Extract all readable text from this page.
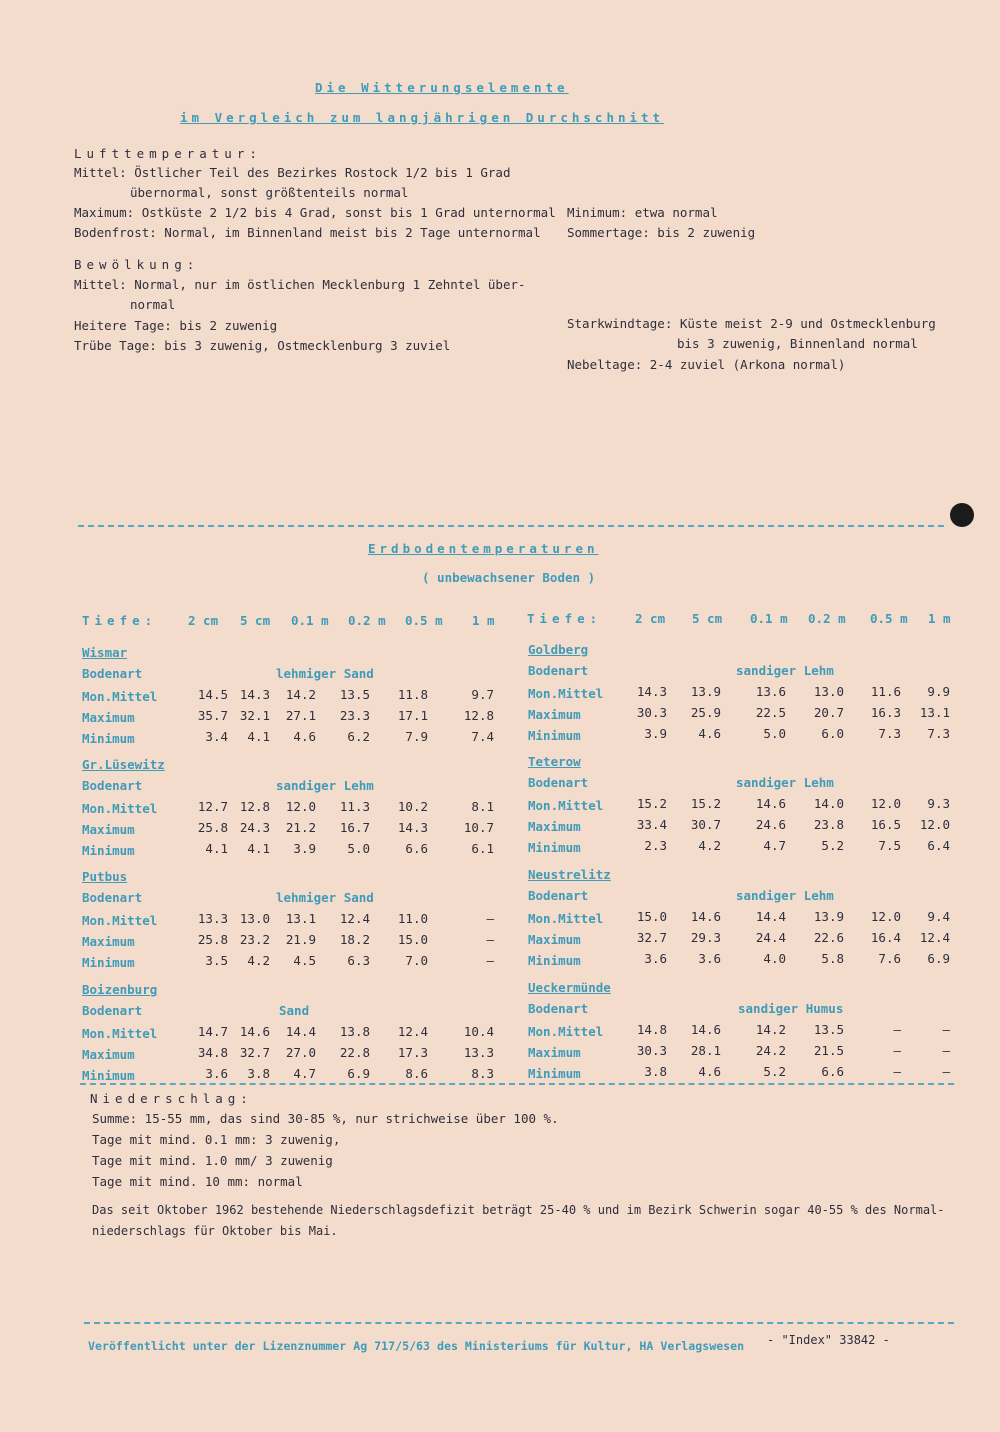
Die Witterungselemente
im Vergleich zum langjährigen Durchschnitt
Lufttemperatur:
Mittel: Östlicher Teil des Bezirkes Rostock 1/2 bis 1 Grad
übernormal, sonst größtenteils normal
Maximum: Ostküste 2 1/2 bis 4 Grad, sonst bis 1 Grad unternormal Minimum: etwa normal
Bodenfrost: Normal, im Binnenland meist bis 2 Tage unternormal Sommertage: bis 2 zuwenig
Bewölkung:
Mittel: Normal, nur im östlichen Mecklenburg 1 Zehntel über-
normal
Heitere Tage: bis 2 zuwenig
Trübe Tage: bis 3 zuwenig, Ostmecklenburg 3 zuviel
Starkwindtage: Küste meist 2-9 und Ostmecklenburg
bis 3 zuwenig, Binnenland normal
Nebeltage: 2-4 zuviel (Arkona normal)
Erdbodentemperaturen
( unbewachsener Boden )
Tiefe: 2 cm 5 cm 0.1 m 0.2 m 0.5 m 1 m	Tiefe:	2 cm 5 cm 0.1 m 0.2 m 0.5 m 1 m
Wismar
Bodenart	lehmiger Sand
Mon.Mittel	14.5 14.3	14.2	13.5	11.8	9.7
Maximum	35.7 32.1	27.1	23.3	17.1	12.8
Minimum	3.4	4.1	4.6	6.2	7.9	7.4
Goldberg
Bodenart	sandiger Lehm
Mon.Mittel	14.3	13.9	13.6	13.0	11.6	9.9
Maximum	30.3	25.9	22.5	20.7	16.3	13.1
Minimum	3.9	4.6	5.0	6.0	7.3	7.3
Gr.Lüsewitz
Bodenart	sandiger Lehm
Mon.Mittel	12.7 12.8	12.0	11.3	10.2	8.1
Maximum	25.8 24.3	21.2	16.7	14.3	10.7
Minimum	4.1	4.1	3.9	5.0	6.6	6.1
Teterow
Bodenart	sandiger Lehm
Mon.Mittel	15.2	15.2	14.6	14.0	12.0	9.3
Maximum	33.4	30.7	24.6	23.8	16.5	12.0
Minimum	2.3	4.2	4.7	5.2	7.5	6.4
Putbus
Bodenart	lehmiger Sand
Mon.Mittel	13.3 13.0	13.1	12.4	11.0	–
Maximum	25.8 23.2	21.9	18.2	15.0	–
Minimum	3.5	4.2	4.5	6.3	7.0	–
Neustrelitz
Bodenart	sandiger Lehm
Mon.Mittel	15.0	14.6	14.4	13.9	12.0	9.4
Maximum	32.7	29.3	24.4	22.6	16.4	12.4
Minimum	3.6	3.6	4.0	5.8	7.6	6.9
Boizenburg
Bodenart	Sand
Mon.Mittel	14.7 14.6	14.4	13.8	12.4	10.4
Maximum	34.8 32.7	27.0	22.8	17.3	13.3
Minimum	3.6	3.8	4.7	6.9	8.6	8.3
Ueckermünde
Bodenart	sandiger Humus
Mon.Mittel	14.8	14.6	14.2	13.5	–	–
Maximum	30.3	28.1	24.2	21.5	–	–
Minimum	3.8	4.6	5.2	6.6	–	–
Niederschlag:
Summe: 15-55 mm, das sind 30-85 %, nur strichweise über 100 %.
Tage mit mind. 0.1 mm: 3 zuwenig,
Tage mit mind. 1.0 mm/ 3 zuwenig
Tage mit mind. 10 mm: normal
Das seit Oktober 1962 bestehende Niederschlagsdefizit beträgt 25-40 % und im Bezirk Schwerin sogar 40-55 % des Normal-
niederschlags für Oktober bis Mai.
Veröffentlicht unter der Lizenznummer Ag 717/5/63 des Ministeriums für Kultur, HA Verlagswesen - "Index" 33842 -
